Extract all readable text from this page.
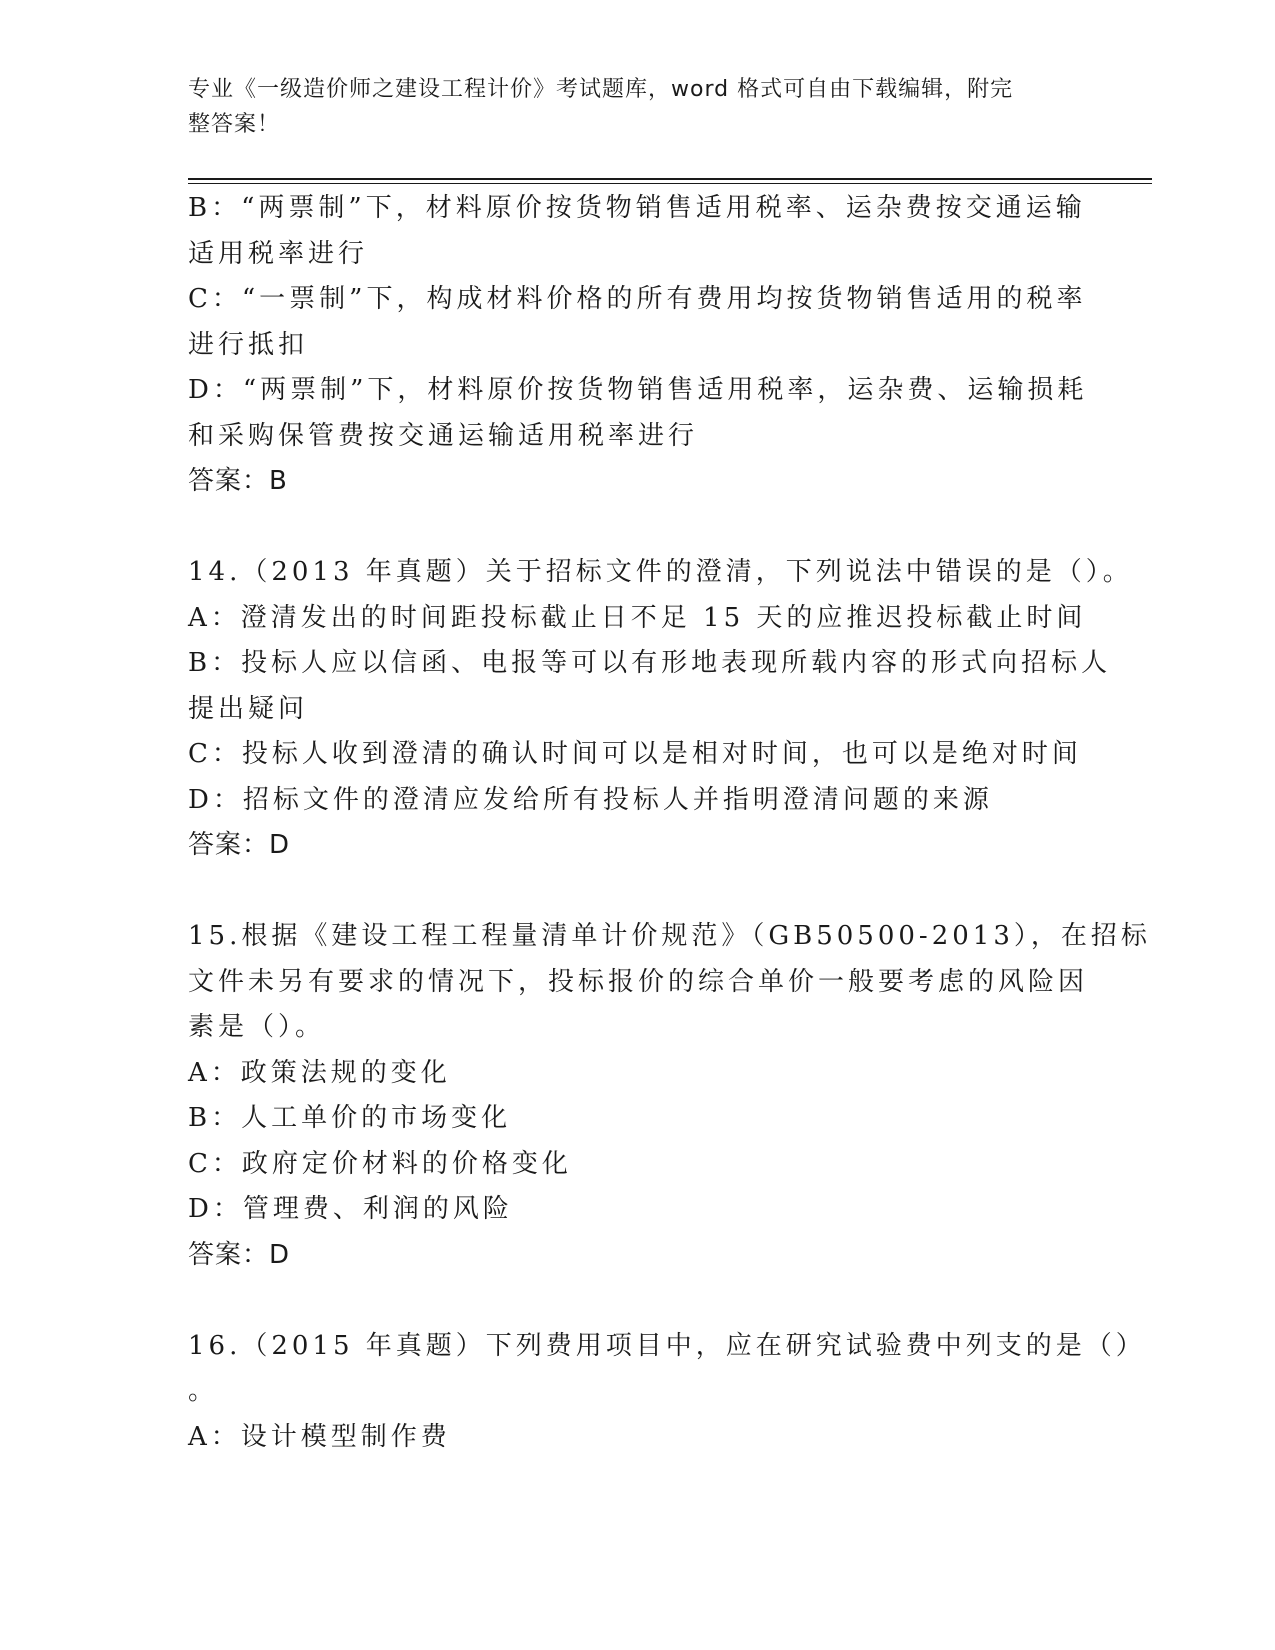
专业《一级造价师之建设工程计价》考试题库，word 格式可自由下载编辑，附完
整答案！
B：“两票制”下，材料原价按货物销售适用税率、运杂费按交通运输
适用税率进行
C：“一票制”下，构成材料价格的所有费用均按货物销售适用的税率
进行抵扣
D：“两票制”下，材料原价按货物销售适用税率，运杂费、运输损耗
和采购保管费按交通运输适用税率进行
答案：B
14.（2013 年真题）关于招标文件的澄清，下列说法中错误的是（）。
A：澄清发出的时间距投标截止日不足 15 天的应推迟投标截止时间
B：投标人应以信函、电报等可以有形地表现所载内容的形式向招标人
提出疑问
C：投标人收到澄清的确认时间可以是相对时间，也可以是绝对时间
D：招标文件的澄清应发给所有投标人并指明澄清问题的来源
答案：D
15.根据《建设工程工程量清单计价规范》（GB50500-2013），在招标
文件未另有要求的情况下，投标报价的综合单价一般要考虑的风险因
素是（）。
A：政策法规的变化
B：人工单价的市场变化
C：政府定价材料的价格变化
D：管理费、利润的风险
答案：D
16.（2015 年真题）下列费用项目中，应在研究试验费中列支的是（）
。
A：设计模型制作费
